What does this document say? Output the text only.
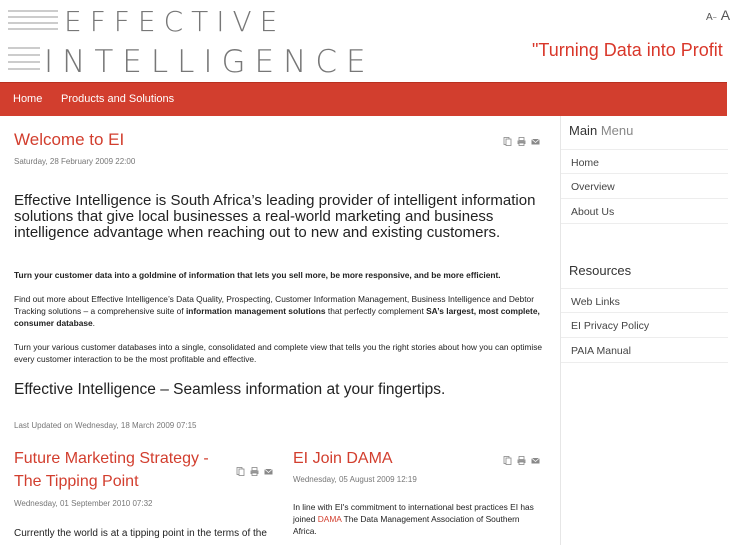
EFFECTIVE
INTELLIGENCE	"Turning Data into Profit
A− A
Home Products and Solutions
Welcome to EI
Saturday, 28 February 2009 22:00
Effective Intelligence is South Africa’s leading provider of intelligent information solutions that give local businesses a real-world marketing and business intelligence advantage when reaching out to new and existing customers.
Turn your customer data into a goldmine of information that lets you sell more, be more responsive, and be more efficient.
Find out more about Effective Intelligence’s Data Quality, Prospecting, Customer Information Management, Business Intelligence and Debtor Tracking solutions – a comprehensive suite of information management solutions that perfectly complement SA’s largest, most complete, consumer database.
Turn your various customer databases into a single, consolidated and complete view that tells you the right stories about how you can optimise every customer interaction to be the most profitable and effective.
Effective Intelligence – Seamless information at your fingertips.
Last Updated on Wednesday, 18 March 2009 07:15
Future Marketing Strategy -
The Tipping Point
Wednesday, 01 September 2010 07:32
Currently the world is at a tipping point in the terms of the
EI Join DAMA
Wednesday, 05 August 2009 12:19
In line with EI's commitment to international best practices EI has joined DAMA The Data Management Association of Southern Africa.
Main Menu
Home
Overview
About Us
Resources
Web Links
EI Privacy Policy
PAIA Manual
